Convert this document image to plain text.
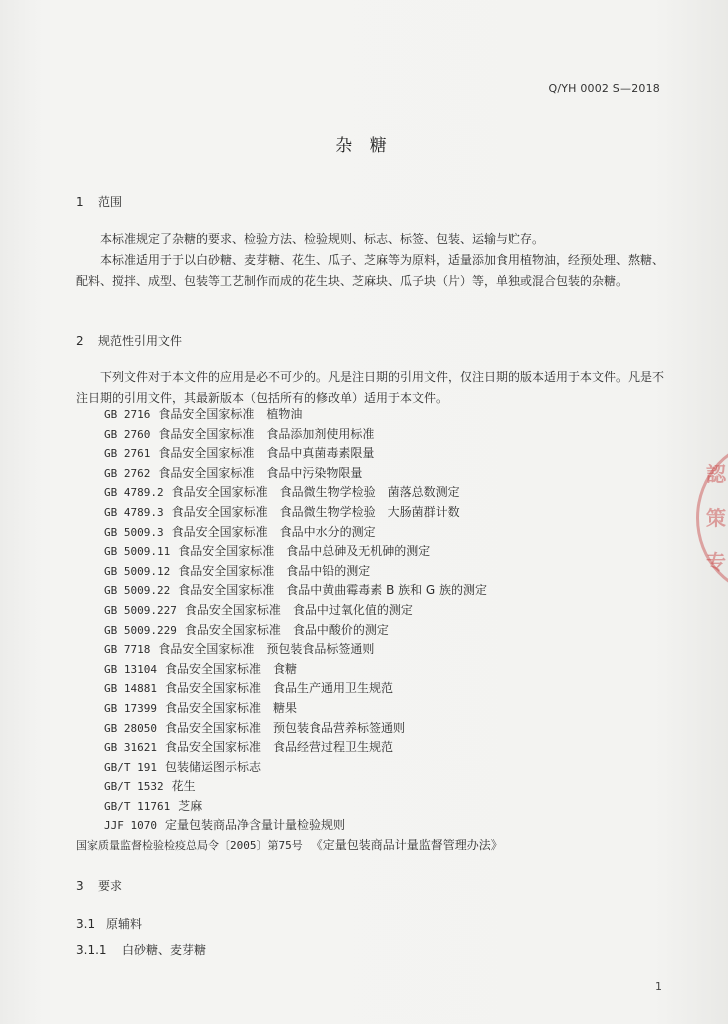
Q/YH 0002 S—2018
杂 糖
1 范围

本标准规定了杂糖的要求、检验方法、检验规则、标志、标签、包装、运输与贮存。

本标准适用于于以白砂糖、麦芽糖、花生、瓜子、芝麻等为原料，适量添加食用植物油，经预处理、熬糖、配料、搅拌、成型、包装等工艺制作而成的花生块、芝麻块、瓜子块（片）等，单独或混合包装的杂糖。

2 规范性引用文件

下列文件对于本文件的应用是必不可少的。凡是注日期的引用文件，仅注日期的版本适用于本文件。凡是不注日期的引用文件，其最新版本（包括所有的修改单）适用于本文件。

GB 2716 食品安全国家标准 植物油
GB 2760 食品安全国家标准 食品添加剂使用标准
GB 2761 食品安全国家标准 食品中真菌毒素限量
GB 2762 食品安全国家标准 食品中污染物限量
GB 4789.2 食品安全国家标准 食品微生物学检验　菌落总数测定
GB 4789.3 食品安全国家标准 食品微生物学检验　大肠菌群计数
GB 5009.3 食品安全国家标准 食品中水分的测定
GB 5009.11 食品安全国家标准 食品中总砷及无机砷的测定
GB 5009.12 食品安全国家标准 食品中铅的测定
GB 5009.22 食品安全国家标准 食品中黄曲霉毒素 B 族和 G 族的测定
GB 5009.227 食品安全国家标准 食品中过氧化值的测定
GB 5009.229 食品安全国家标准 食品中酸价的测定
GB 7718 食品安全国家标准 预包装食品标签通则
GB 13104 食品安全国家标准 食糖
GB 14881 食品安全国家标准 食品生产通用卫生规范
GB 17399 食品安全国家标准 糖果
GB 28050 食品安全国家标准 预包装食品营养标签通则
GB 31621 食品安全国家标准 食品经营过程卫生规范
GB/T 191 包装储运图示标志
GB/T 1532 花生
GB/T 11761 芝麻
JJF 1070 定量包装商品净含量计量检验规则
国家质量监督检验检疫总局令〔2005〕第75号 《定量包装商品计量监督管理办法》
3 要求
3.1 原辅料
3.1.1 白砂糖、麦芽糖
1
認
策
专
